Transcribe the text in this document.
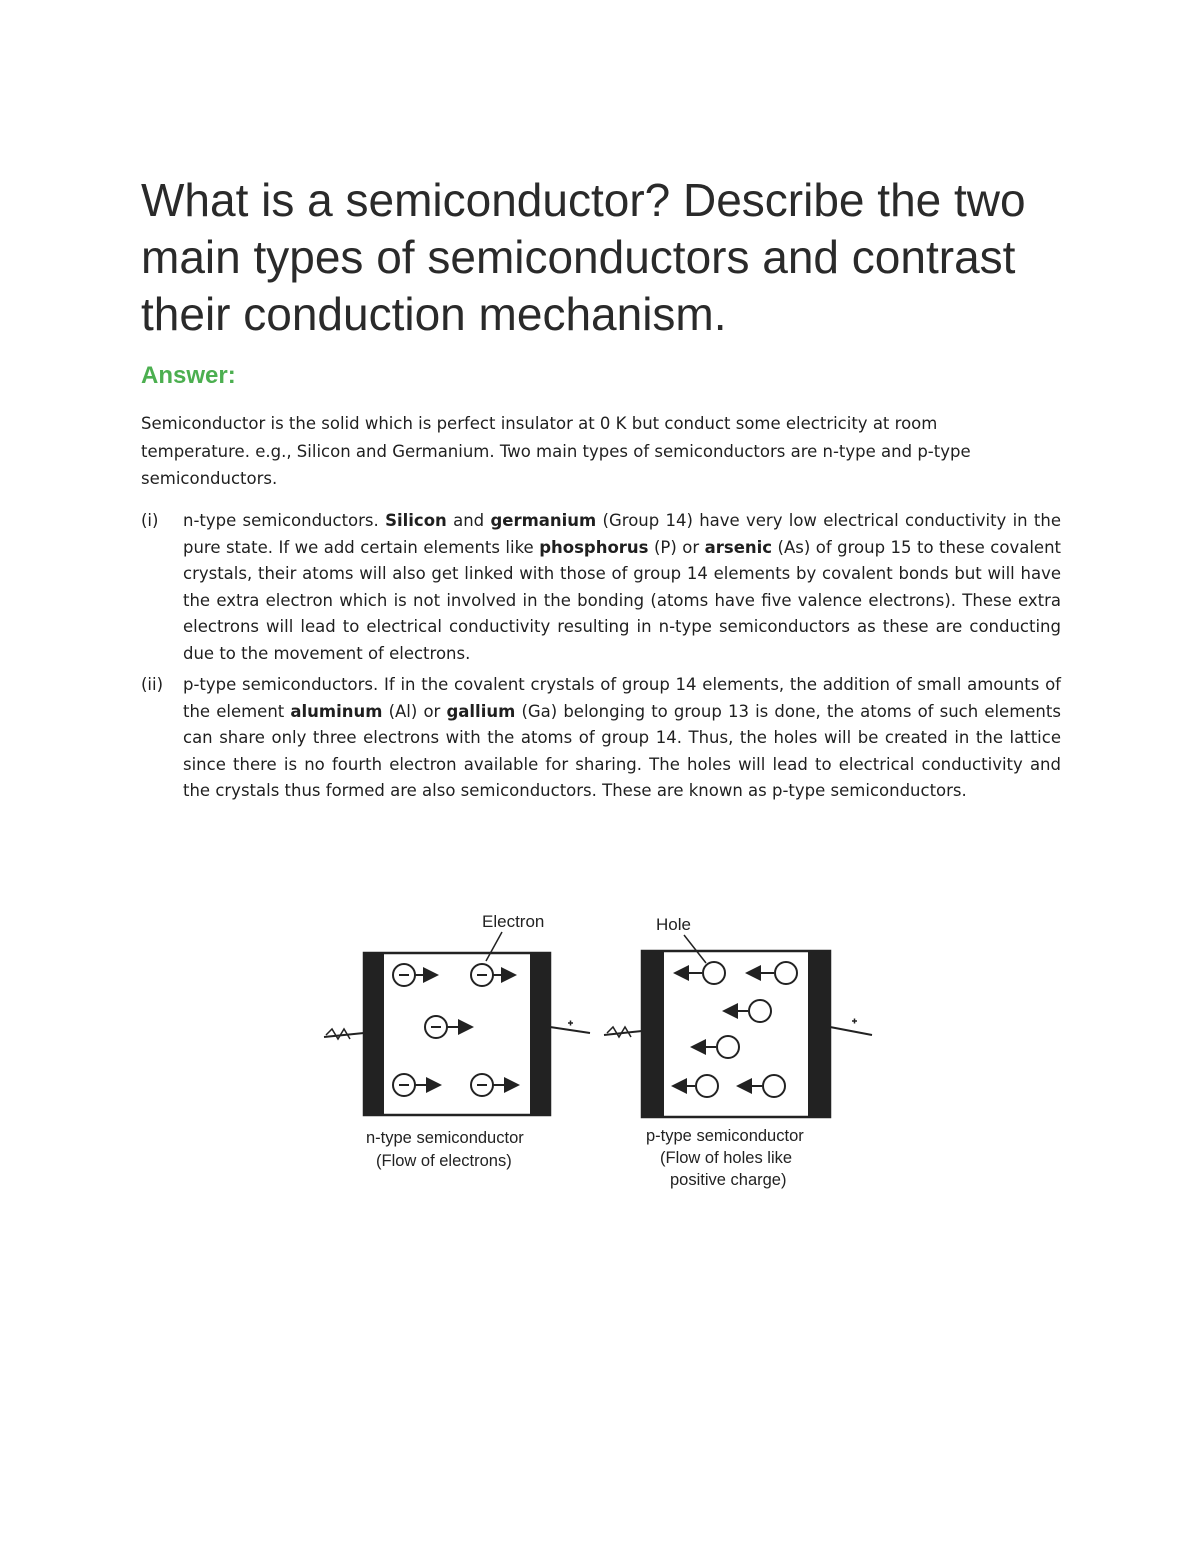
What is a semiconductor? Describe the two main types of semiconductors and contrast their conduction mechanism.
Answer:

Semiconductor is the solid which is perfect insulator at 0 K but conduct some electricity at room temperature. e.g., Silicon and Germanium. Two main types of semiconductors are n-type and p-type semiconductors.

(i) n-type semiconductors. Silicon and germanium (Group 14) have very low electrical conductivity in the pure state. If we add certain elements like phosphorus (P) or arsenic (As) of group 15 to these covalent crystals, their atoms will also get linked with those of group 14 elements by covalent bonds but will have the extra electron which is not involved in the bonding (atoms have five valence electrons). These extra electrons will lead to electrical conductivity resulting in n-type semiconductors as these are conducting due to the movement of electrons.
(ii) p-type semiconductors. If in the covalent crystals of group 14 elements, the addition of small amounts of the element aluminum (Al) or gallium (Ga) belonging to group 13 is done, the atoms of such elements can share only three electrons with the atoms of group 14. Thus, the holes will be created in the lattice since there is no fourth electron available for sharing. The holes will lead to electrical conductivity and the crystals thus formed are also semiconductors. These are known as p-type semiconductors.
Electron	Hole
n-type semiconductor
(Flow of electrons)
p-type semiconductor
(Flow of holes like
positive charge)
